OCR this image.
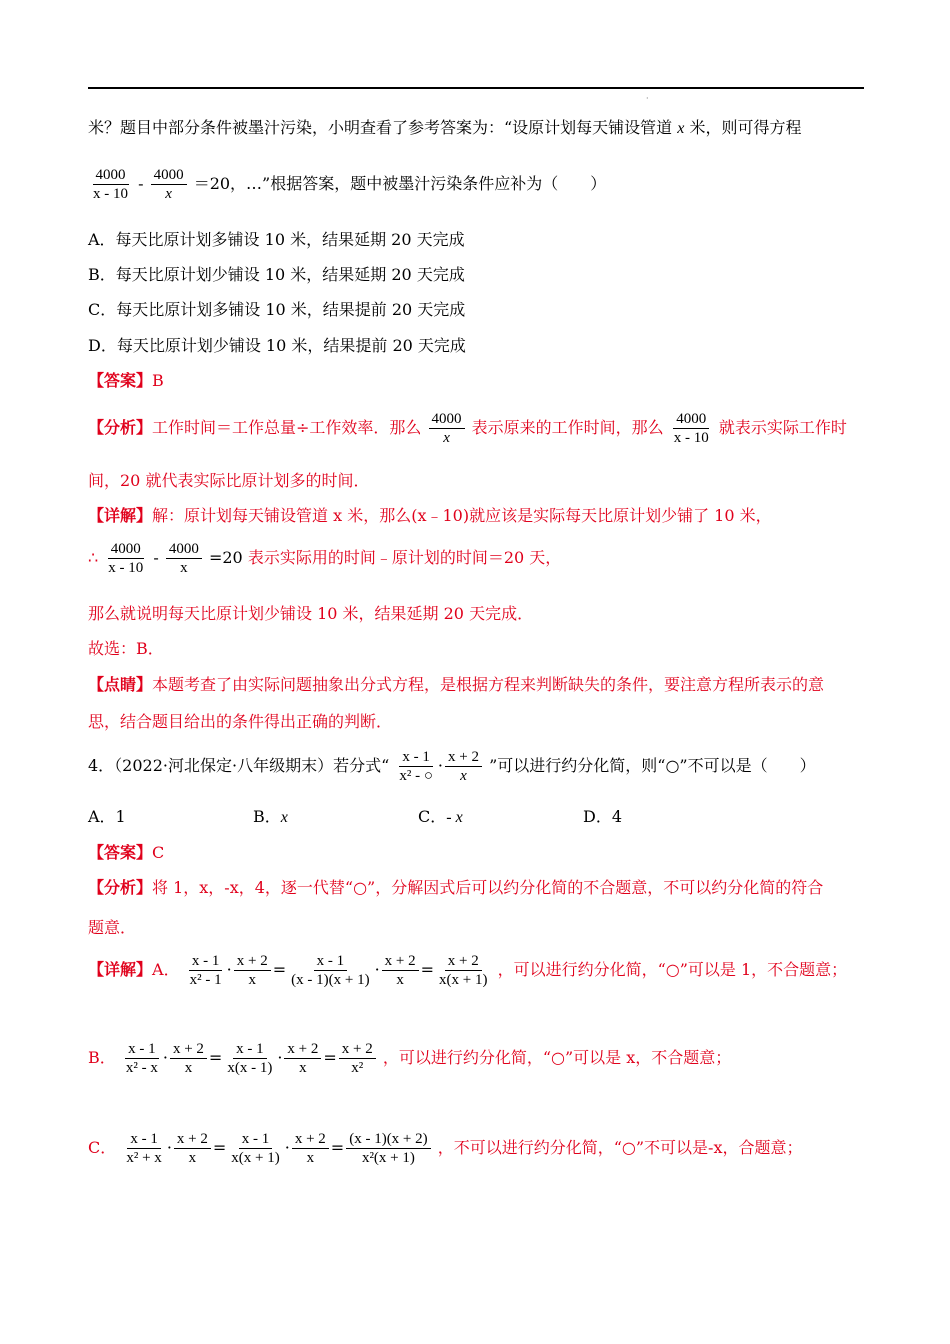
·
米？题目中部分条件被墨汁污染，小明查看了参考答案为：“设原计划每天铺设管道 x 米，则可得方程
$\frac{4000}{x - 10} - \frac{4000}{x} =20$，…”根据答案，题中被墨汁污染条件应补为（　　）
A．每天比原计划多铺设 10 米，结果延期 20 天完成
B．每天比原计划少铺设 10 米，结果延期 20 天完成
C．每天比原计划多铺设 10 米，结果提前 20 天完成
D．每天比原计划少铺设 10 米，结果提前 20 天完成
【答案】B
【分析】工作时间＝工作总量÷工作效率．那么 $\frac{4000}{x}$ 表示原来的工作时间，那么 $\frac{4000}{x - 10}$ 就表示实际工作时
间，20 就代表实际比原计划多的时间．
【详解】解：原计划每天铺设管道 x 米，那么(x﹣10)就应该是实际每天比原计划少铺了 10 米，
∴ $\frac{4000}{x - 10} - \frac{4000}{x} =20$ 表示实际用的时间﹣原计划的时间＝20 天，
那么就说明每天比原计划少铺设 10 米，结果延期 20 天完成．
故选：B．
【点睛】本题考查了由实际问题抽象出分式方程，是根据方程来判断缺失的条件，要注意方程所表示的意
思，结合题目给出的条件得出正确的判断．
4．（2022·河北保定·八年级期末）若分式“ $\frac{x - 1}{\text{x² - ○}} \cdot \frac{x + 2}{x}$ ”可以进行约分化简，则“○”不可以是（　　）
A．1	B．x	C．- x	D．4
【答案】C
【分析】将 1，x，-x，4，逐一代替“○”，分解因式后可以约分化简的不合题意，不可以约分化简的符合
题意．
【详解】A． $\frac{x - 1}{\text{x² - 1}} \cdot \frac{x + 2}{x} = \frac{x - 1}{(x - 1)(x + 1)} \cdot \frac{x + 2}{x} = \frac{x + 2}{x(x + 1)}$ ，可以进行约分化简，“○”可以是 1，不合题意；
B． $\frac{x - 1}{\text{x² - x}} \cdot \frac{x + 2}{x} = \frac{x - 1}{x(x - 1)} \cdot \frac{x + 2}{x} = \frac{x + 2}{\text{x²}}$ ，可以进行约分化简，“○”可以是 x，不合题意；
C． $\frac{x - 1}{\text{x² + x}} \cdot \frac{x + 2}{x} = \frac{x - 1}{x(x + 1)} \cdot \frac{x + 2}{x} = \frac{(x - 1)(x + 2)}{\text{x²(x + 1)}}$ ，不可以进行约分化简，“○”不可以是-x，合题意；
